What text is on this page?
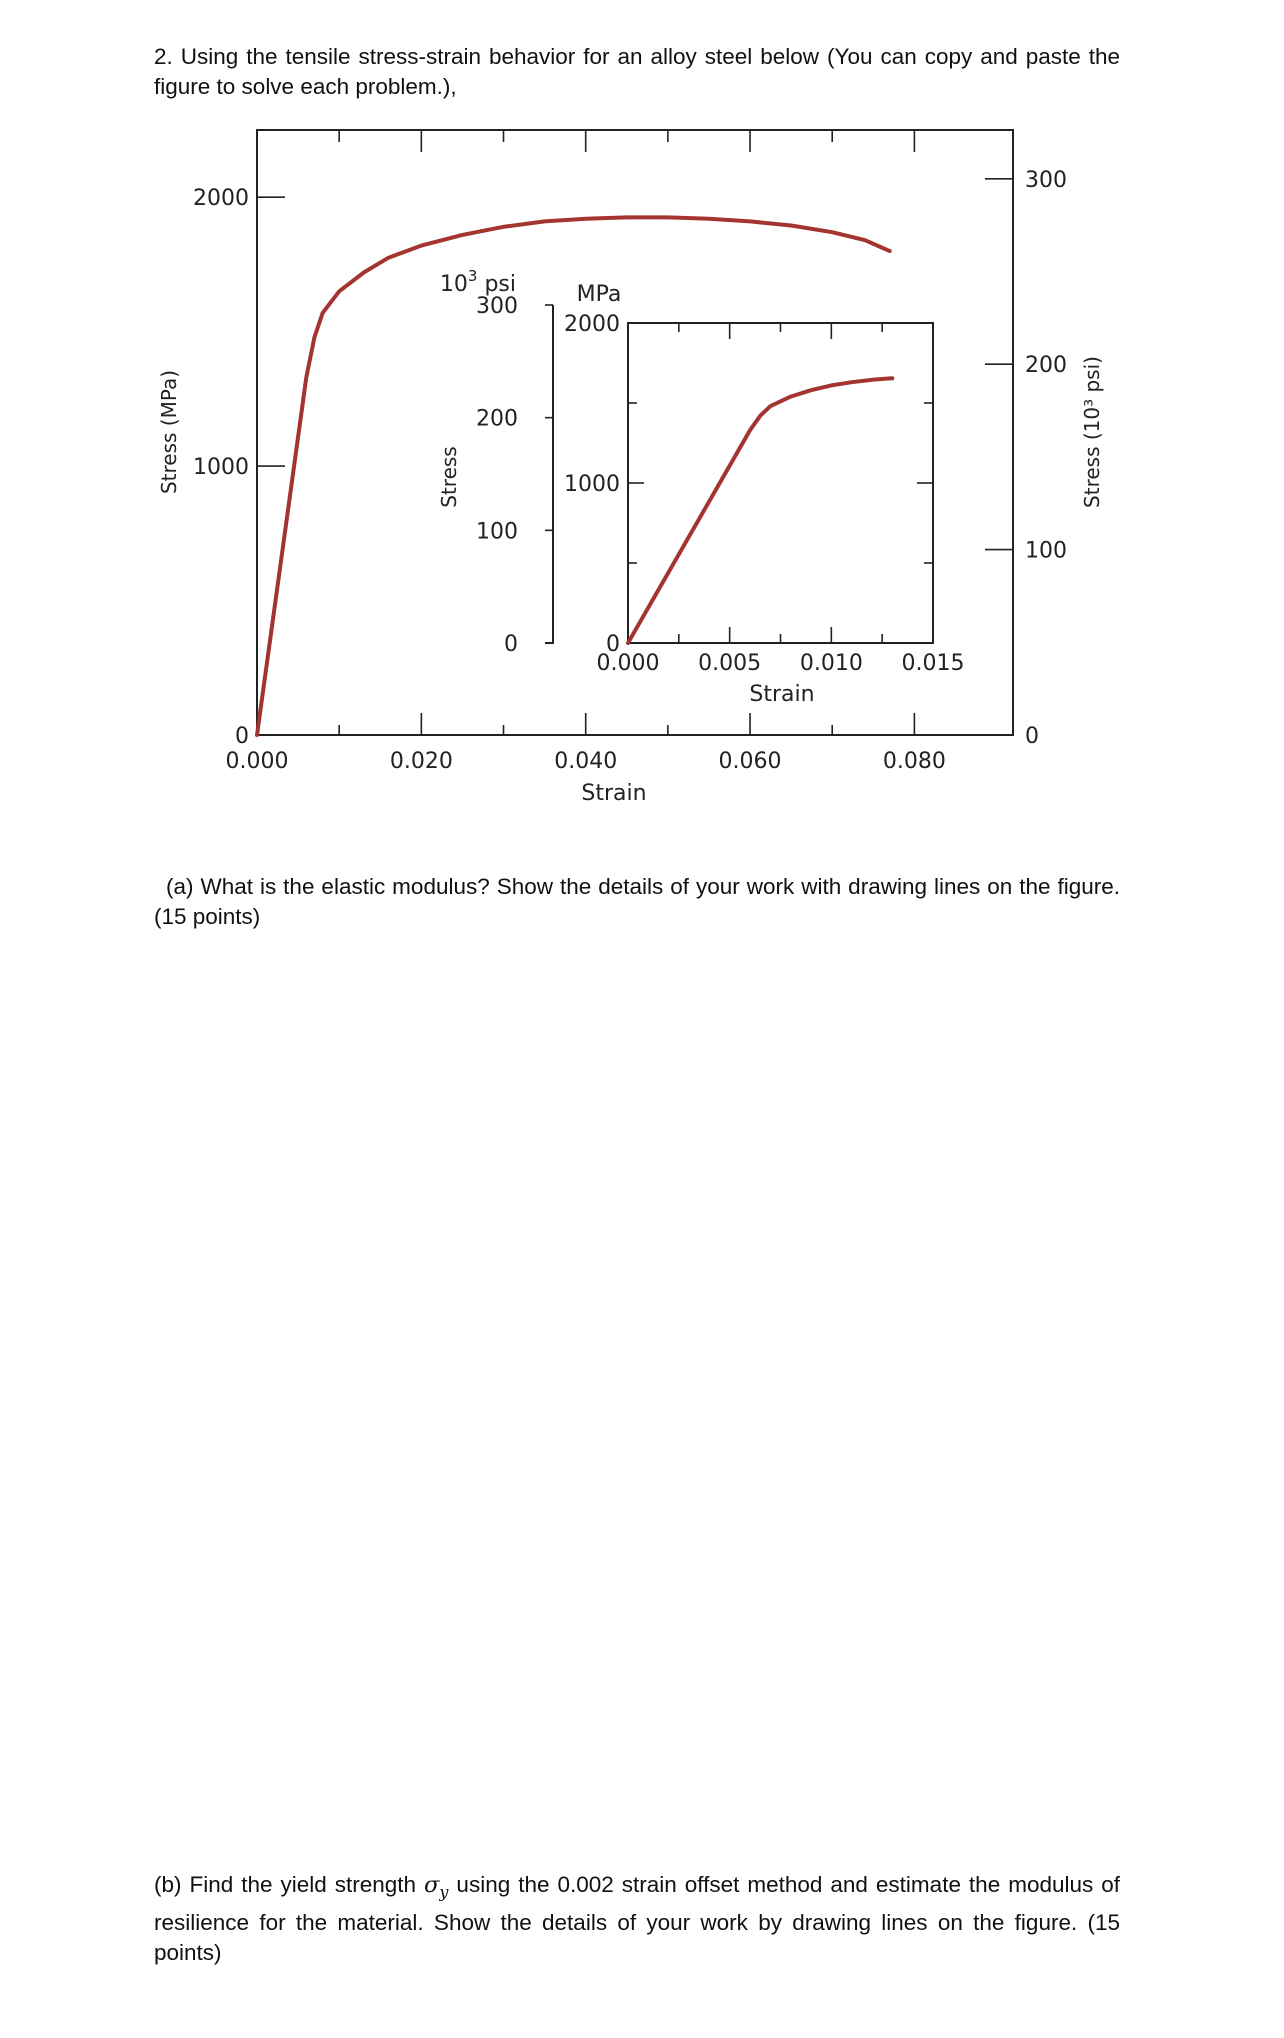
2. Using the tensile stress-strain behavior for an alloy steel below (You can copy and paste the figure to solve each problem.),
0.000	0.020	0.040	0.060	0.080
0
1000
2000
0
100
200
300
Stress (MPa)	Stress (10³ psi)
Strain
0.000 0.005 0.010 0.015
0
1000
2000
0
100
200
300
$10^3$ psi	MPa
Stress
Strain
(a) What is the elastic modulus? Show the details of your work with drawing lines on the figure. (15 points)
(b) Find the yield strength $\sigma_y$ using the 0.002 strain offset method and estimate the modulus of resilience for the material. Show the details of your work by drawing lines on the figure. (15 points)
